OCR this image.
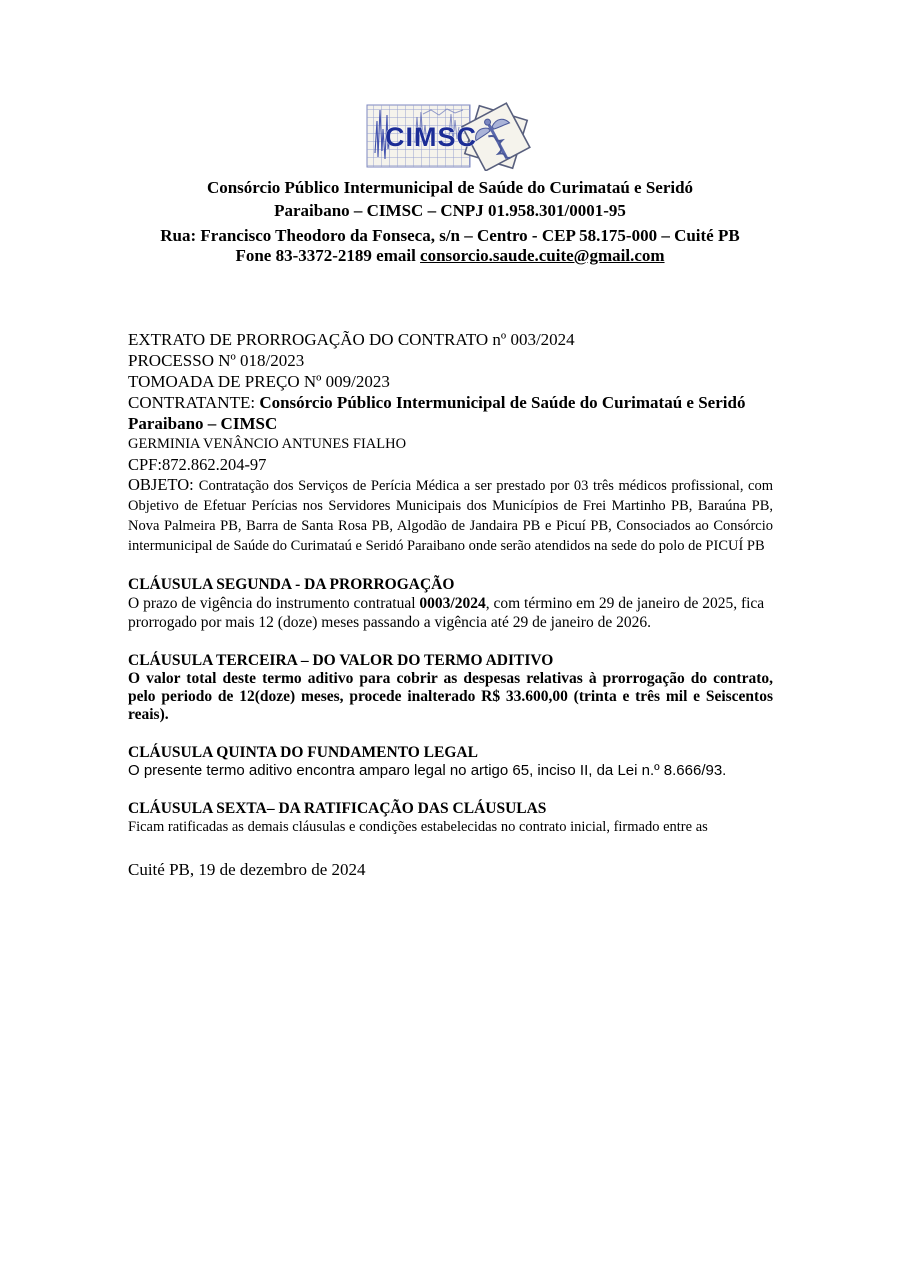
CIMSC
Consórcio Público Intermunicipal de Saúde do Curimataú e Seridó
Paraibano – CIMSC – CNPJ 01.958.301/0001-95
Rua: Francisco Theodoro da Fonseca, s/n – Centro - CEP 58.175-000 – Cuité PB
Fone 83-3372-2189 email consorcio.saude.cuite@gmail.com

EXTRATO DE PRORROGAÇÃO DO CONTRATO nº 003/2024

PROCESSO Nº 018/2023

TOMOADA DE PREÇO Nº 009/2023

CONTRATANTE: Consórcio Público Intermunicipal de Saúde do Curimataú e Seridó Paraibano – CIMSC

GERMINIA VENÂNCIO ANTUNES FIALHO

CPF:872.862.204-97

OBJETO: Contratação dos Serviços de Perícia Médica a ser prestado por 03 três médicos profissional, com Objetivo de Efetuar Perícias nos Servidores Municipais dos Municípios de Frei Martinho PB, Baraúna PB, Nova Palmeira PB, Barra de Santa Rosa PB, Algodão de Jandaira PB e Picuí PB, Consociados ao Consórcio intermunicipal de Saúde do Curimataú e Seridó Paraibano onde serão atendidos na sede do polo de PICUÍ PB

CLÁUSULA SEGUNDA - DA PRORROGAÇÃO

O prazo de vigência do instrumento contratual 0003/2024, com término em 29 de janeiro de 2025, fica prorrogado por mais 12 (doze) meses passando a vigência até 29 de janeiro de 2026.

CLÁUSULA TERCEIRA – DO VALOR DO TERMO ADITIVO

O valor total deste termo aditivo para cobrir as despesas relativas à prorrogação do contrato, pelo periodo de 12(doze) meses, procede inalterado R$ 33.600,00 (trinta e três mil e Seiscentos reais).

CLÁUSULA QUINTA DO FUNDAMENTO LEGAL

O presente termo aditivo encontra amparo legal no artigo 65, inciso II, da Lei n.º 8.666/93.

CLÁUSULA SEXTA– DA RATIFICAÇÃO DAS CLÁUSULAS

Ficam ratificadas as demais cláusulas e condições estabelecidas no contrato inicial, firmado entre as

Cuité PB, 19 de dezembro de 2024
